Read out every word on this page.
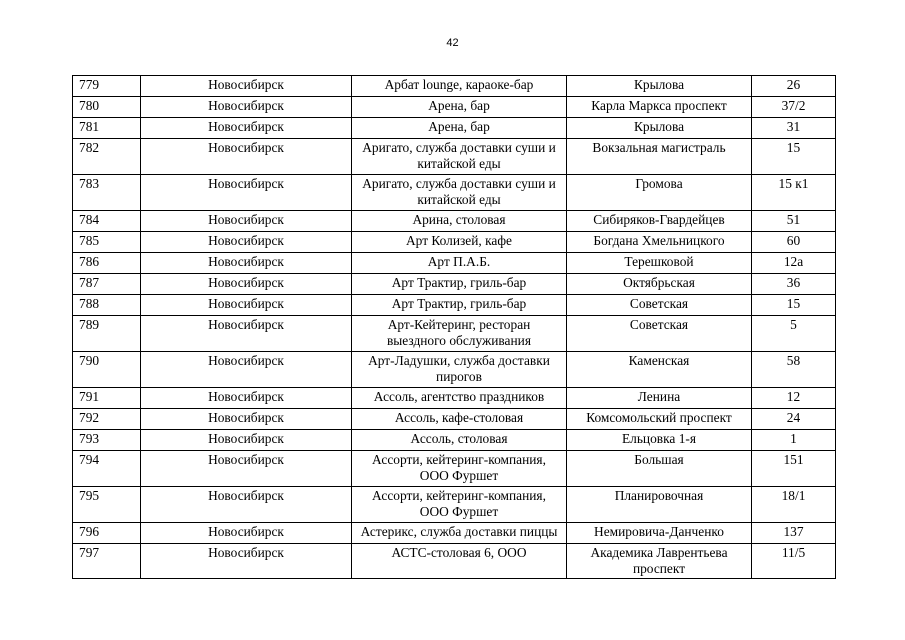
42
779	Новосибирск	Арбат lounge, караоке-бар	Крылова	26
780	Новосибирск	Арена, бар	Карла Маркса проспект	37/2
781	Новосибирск	Арена, бар	Крылова	31
782	Новосибирск	Аригато, служба доставки суши и китайской еды	Вокзальная магистраль	15
783	Новосибирск	Аригато, служба доставки суши и китайской еды	Громова	15 к1
784	Новосибирск	Арина, столовая	Сибиряков-Гвардейцев	51
785	Новосибирск	Арт Колизей, кафе	Богдана Хмельницкого	60
786	Новосибирск	Арт П.А.Б.	Терешковой	12а
787	Новосибирск	Арт Трактир, гриль-бар	Октябрьская	36
788	Новосибирск	Арт Трактир, гриль-бар	Советская	15
789	Новосибирск	Арт-Кейтеринг, ресторан выездного обслуживания	Советская	5
790	Новосибирск	Арт-Ладушки, служба доставки пирогов	Каменская	58
791	Новосибирск	Ассоль, агентство праздников	Ленина	12
792	Новосибирск	Ассоль, кафе-столовая	Комсомольский проспект	24
793	Новосибирск	Ассоль, столовая	Ельцовка 1-я	1
794	Новосибирск	Ассорти, кейтеринг-компания, ООО Фуршет	Большая	151
795	Новосибирск	Ассорти, кейтеринг-компания, ООО Фуршет	Планировочная	18/1
796	Новосибирск	Астерикс, служба доставки пиццы	Немировича-Данченко	137
797	Новосибирск	АСТС-столовая 6, ООО	Академика Лаврентьева проспект	11/5
